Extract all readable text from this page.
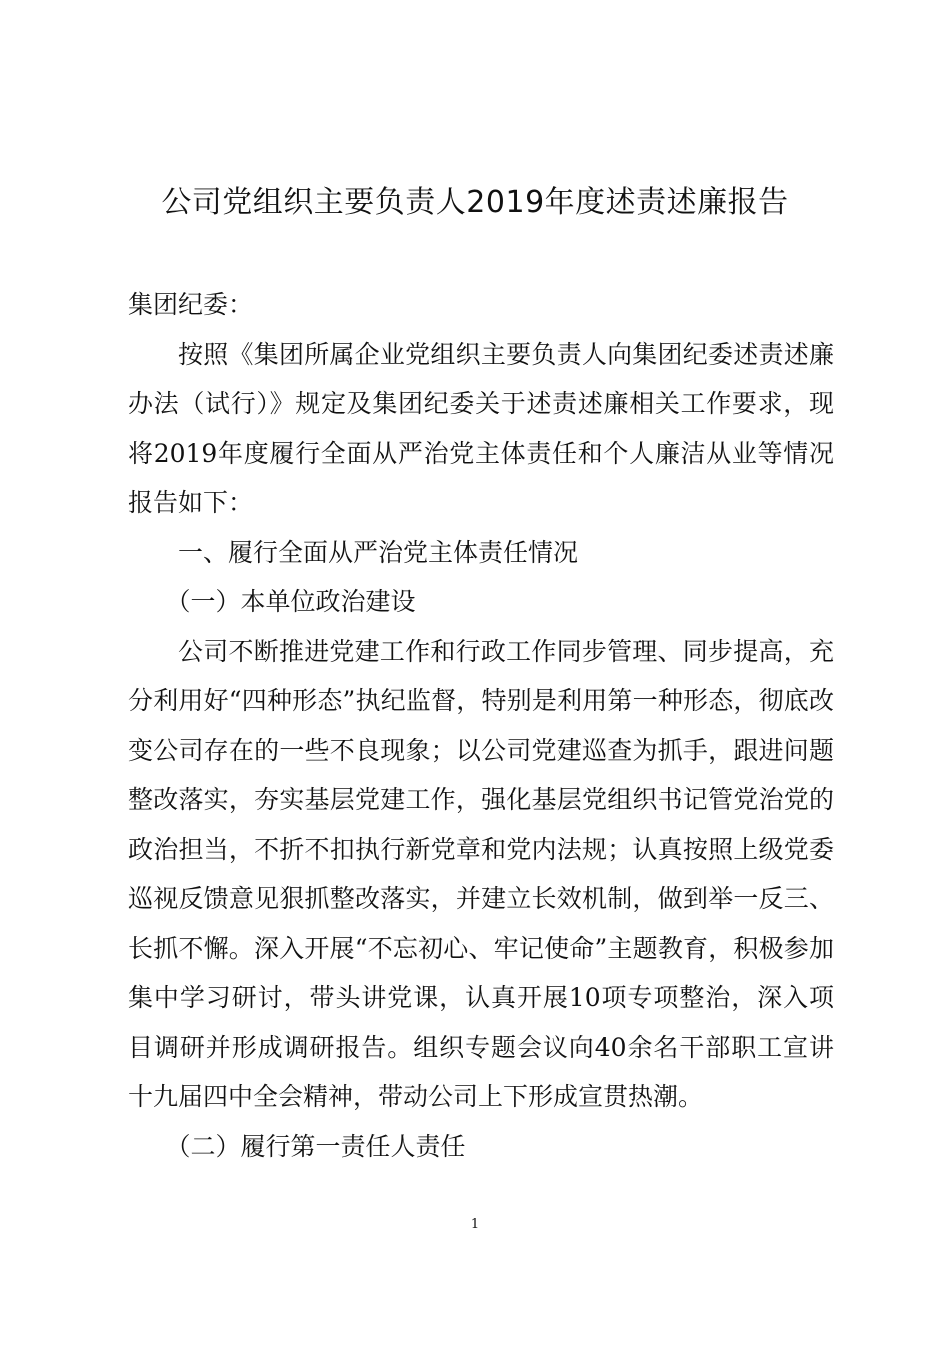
公司党组织主要负责人2019年度述责述廉报告

集团纪委：

按照《集团所属企业党组织主要负责人向集团纪委述责述廉办法（试行）》规定及集团纪委关于述责述廉相关工作要求，现将2019年度履行全面从严治党主体责任和个人廉洁从业等情况报告如下：

一、履行全面从严治党主体责任情况

（一）本单位政治建设

公司不断推进党建工作和行政工作同步管理、同步提高，充分利用好“四种形态”执纪监督，特别是利用第一种形态，彻底改变公司存在的一些不良现象；以公司党建巡查为抓手，跟进问题整改落实，夯实基层党建工作，强化基层党组织书记管党治党的政治担当，不折不扣执行新党章和党内法规；认真按照上级党委巡视反馈意见狠抓整改落实，并建立长效机制，做到举一反三、长抓不懈。深入开展“不忘初心、牢记使命”主题教育，积极参加集中学习研讨，带头讲党课，认真开展10项专项整治，深入项目调研并形成调研报告。组织专题会议向40余名干部职工宣讲十九届四中全会精神，带动公司上下形成宣贯热潮。

（二）履行第一责任人责任

1
